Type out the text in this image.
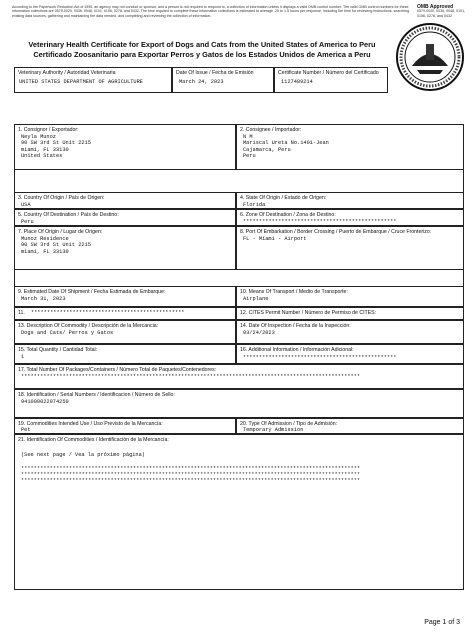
According to the Paperwork Reduction Act of 1995, an agency may not conduct or sponsor, and a person is not required to respond to, a collection of information unless it displays a valid OMB control number. The valid OMB control numbers for these information collections are 0579-0020, 0036, 0048, 0101, 0156, 0278, and 0432. The time required to complete these information collections is estimated to average .25 to 1.5 hours per response, including the time for reviewing instructions, searching existing data sources, gathering and maintaining the data needed, and completing and reviewing the collection of information.
OMB Approved
0579-0020, 0036, 0048, 0101, 0156, 0278, and 0432
Veterinary Health Certificate for Export of Dogs and Cats from the United States of America to Peru
Certificado Zoosanitario para Exportar Perros y Gatos de los Estados Unidos de America a Peru
Veterinary Authority / Autoridad Veterinaria
UNITED STATES DEPARTMENT OF AGRICULTURE
Date Of Issue / Fecha de Emisión
March 24, 2023
Certificate Number / Número del Certificado
1127489214
1. Consignor / Exportador:
Neyla Munoz
90 SW 3rd St Unit 2215
miami, FL 33130
United States
2. Consignee / Importador:
N M
Mariscal Ureta No.1401-Jean
Cajamarca, Peru
Peru
3. Country Of Origin / País de Origen:
USA
4. State Of Origin / Estado de Origen:
Florida
5. Country Of Destination / País de Destino:
Peru
6. Zone Of Destination / Zona de Destino:
************************************************
7. Place Of Origin / Lugar de Origen:
Munoz Residence
90 SW 3rd St Unit 2215
miami, FL 33130
8. Port Of Embarkation / Border Crossing / Puerto de Embarque / Cruce Fronterizo:
FL - Miami - Airport
9. Estimated Date Of Shipment / Fecha Estimada de Embarque:
March 31, 2023
10. Means Of Transport / Medio de Transporte:
Airplane
11. ************************************************	12. CITES Permit Number / Número de Permiso de CITES:
13. Description Of Commodity / Descripción de la Mercancia:
Dogs and Cats/ Perros y Gatos
14. Date Of Inspection / Fecha de la Inspección:
03/24/2023
15. Total Quantity / Cantidad Total:
1
16. Additional Information / Información Adicional:
************************************************
17. Total Number Of Packages/Containers / Número Total de Paquetes/Contenedores:
**********************************************************************************************************
18. Identification / Serial Numbers / Identificacion / Número de Sello:
941000022074250
19. Commodities Intended Use / Uso Previsto de la Mercancía:
Pet
20. Type Of Admission / Tipo de Admisión:
Temporary Admission
21. Identification Of Commodities / Identificación de la Mercancía:
(See next page / Vea la próximo página)
**********************************************************************************************************
**********************************************************************************************************
**********************************************************************************************************
Page 1 of 3
